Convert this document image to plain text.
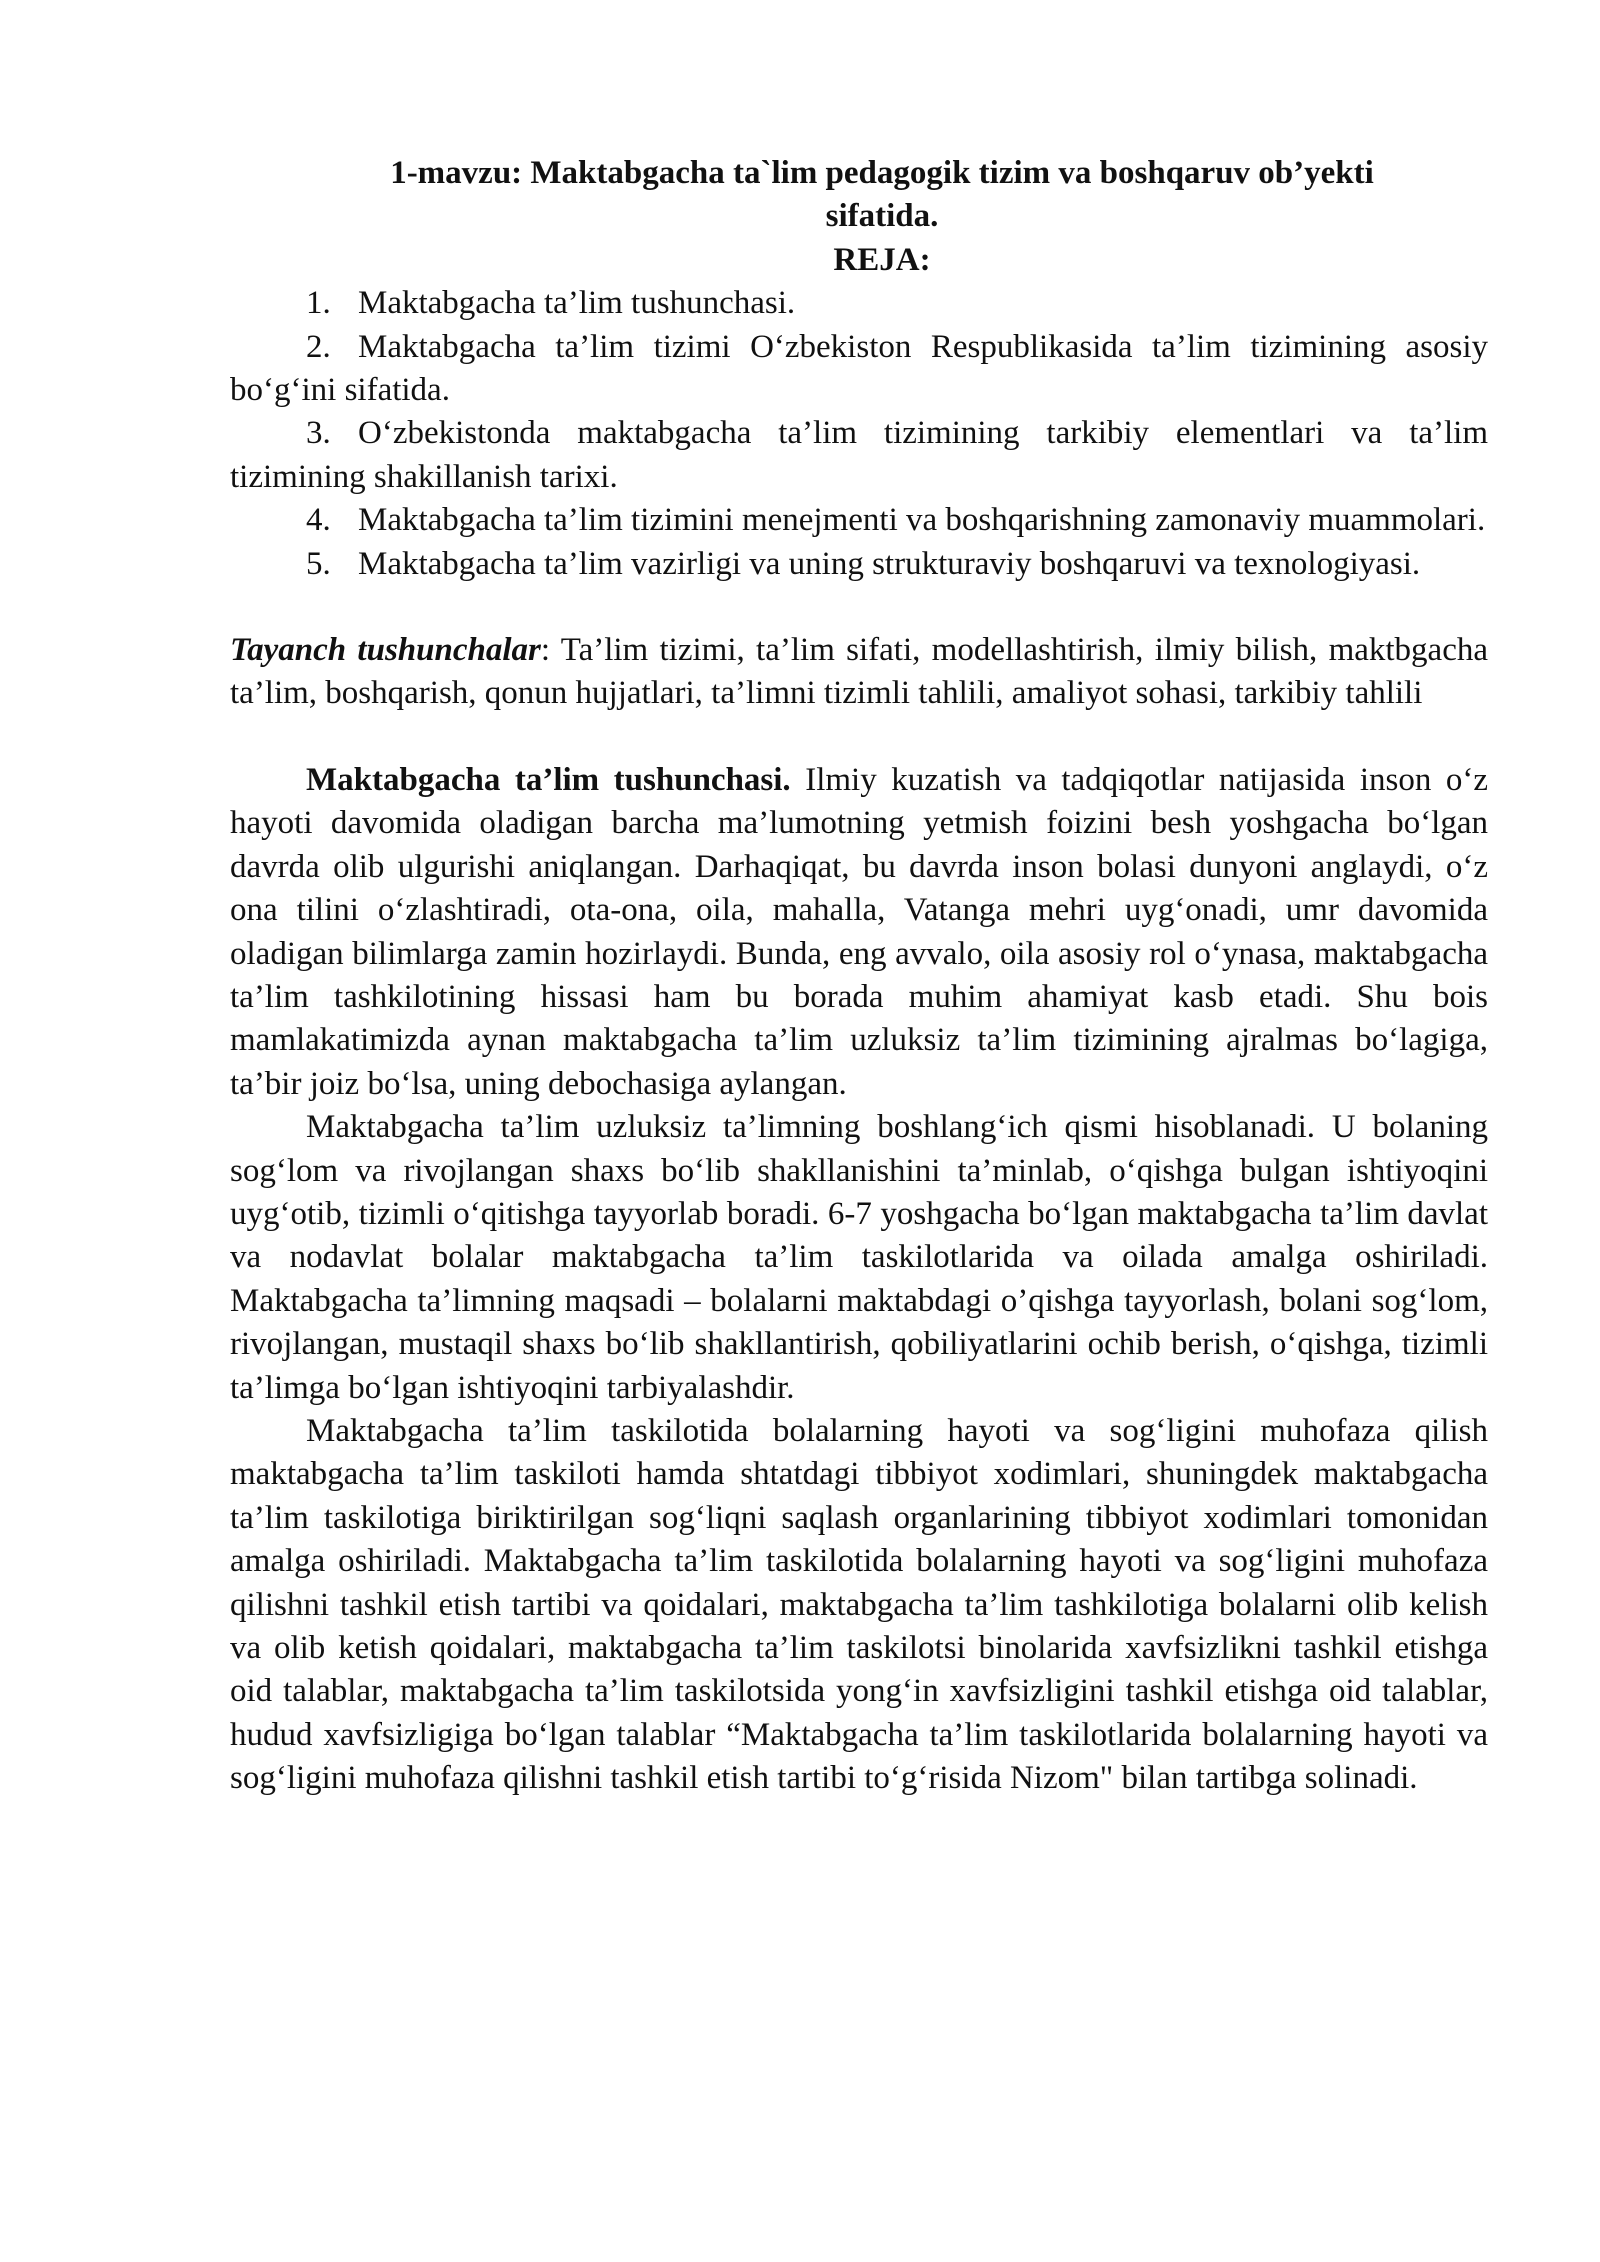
1-mavzu: Maktabgacha ta`lim pedagogik tizim va boshqaruv ob’yekti
sifatida.
REJA:
1. Maktabgacha ta’lim tushunchasi.
2. Maktabgacha ta’lim tizimi O‘zbekiston Respublikasida ta’lim tizimining asosiy bo‘g‘ini sifatida.
3. O‘zbekistonda maktabgacha ta’lim tizimining tarkibiy elementlari va ta’lim tizimining shakillanish tarixi.
4. Maktabgacha ta’lim tizimini menejmenti va boshqarishning zamonaviy muammolari.
5. Maktabgacha ta’lim vazirligi va uning strukturaviy boshqaruvi va texnologiyasi.

Tayanch tushunchalar: Ta’lim tizimi, ta’lim sifati, modellashtirish, ilmiy bilish, maktbgacha ta’lim, boshqarish, qonun hujjatlari, ta’limni tizimli tahlili, amaliyot sohasi, tarkibiy tahlili

Maktabgacha ta’lim tushunchasi. Ilmiy kuzatish va tadqiqotlar natijasida inson o‘z hayoti davomida oladigan barcha ma’lumotning yetmish foizini besh yoshgacha bo‘lgan davrda olib ulgurishi aniqlangan. Darhaqiqat, bu davrda inson bolasi dunyoni anglaydi, o‘z ona tilini o‘zlashtiradi, ota-ona, oila, mahalla, Vatanga mehri uyg‘onadi, umr davomida oladigan bilimlarga zamin hozirlaydi. Bunda, eng avvalo, oila asosiy rol o‘ynasa, maktabgacha ta’lim tashkilotining hissasi ham bu borada muhim ahamiyat kasb etadi. Shu bois mamlakatimizda aynan maktabgacha ta’lim uzluksiz ta’lim tizimining ajralmas bo‘lagiga, ta’bir joiz bo‘lsa, uning debochasiga aylangan.

Maktabgacha ta’lim uzluksiz ta’limning boshlang‘ich qismi hisoblanadi. U bolaning sog‘lom va rivojlangan shaxs bo‘lib shakllanishini ta’minlab, o‘qishga bulgan ishtiyoqini uyg‘otib, tizimli o‘qitishga tayyorlab boradi. 6-7 yoshgacha bo‘lgan maktabgacha ta’lim davlat va nodavlat bolalar maktabgacha ta’lim taskilotlarida va oilada amalga oshiriladi. Maktabgacha ta’limning maqsadi – bolalarni maktabdagi o’qishga tayyorlash, bolani sog‘lom, rivojlangan, mustaqil shaxs bo‘lib shakllantirish, qobiliyatlarini ochib berish, o‘qishga, tizimli ta’limga bo‘lgan ishtiyoqini tarbiyalashdir.

Maktabgacha ta’lim taskilotida bolalarning hayoti va sog‘ligini muhofaza qilish maktabgacha ta’lim taskiloti hamda shtatdagi tibbiyot xodimlari, shuningdek maktabgacha ta’lim taskilotiga biriktirilgan sog‘liqni saqlash organlarining tibbiyot xodimlari tomonidan amalga oshiriladi. Maktabgacha ta’lim taskilotida bolalarning hayoti va sog‘ligini muhofaza qilishni tashkil etish tartibi va qoidalari, maktabgacha ta’lim tashkilotiga bolalarni olib kelish va olib ketish qoidalari, maktabgacha ta’lim taskilotsi binolarida xavfsizlikni tashkil etishga oid talablar, maktabgacha ta’lim taskilotsida yong‘in xavfsizligini tashkil etishga oid talablar, hudud xavfsizligiga bo‘lgan talablar “Maktabgacha ta’lim taskilotlarida bolalarning hayoti va sog‘ligini muhofaza qilishni tashkil etish tartibi to‘g‘risida Nizom" bilan tartibga solinadi.
